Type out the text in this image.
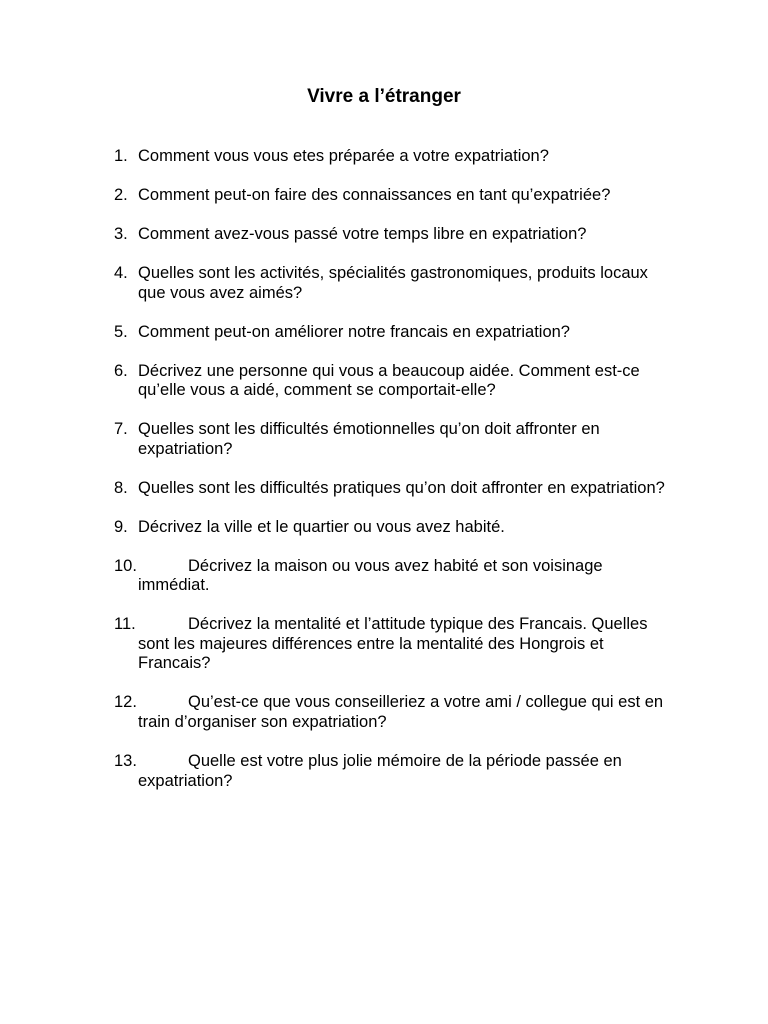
Vivre a l’étranger
1. Comment vous vous etes préparée a votre expatriation?
2. Comment peut-on faire des connaissances en tant qu’expatriée?
3. Comment avez-vous passé votre temps libre en expatriation?
4. Quelles sont les activités, spécialités gastronomiques, produits locaux que vous avez aimés?
5. Comment peut-on améliorer notre francais en expatriation?
6. Décrivez une personne qui vous a beaucoup aidée. Comment est-ce qu’elle vous a aidé, comment se comportait-elle?
7. Quelles sont les difficultés émotionnelles qu’on doit affronter en expatriation?
8. Quelles sont les difficultés pratiques qu’on doit affronter en expatriation?
9. Décrivez la ville et le quartier ou vous avez habité.
10.	Décrivez la maison ou vous avez habité et son voisinage immédiat.
11.	Décrivez la mentalité et l’attitude typique des Francais. Quelles sont les majeures différences entre la mentalité des Hongrois et Francais?
12.	Qu’est-ce que vous conseilleriez a votre ami / collegue qui est en train d’organiser son expatriation?
13.	Quelle est votre plus jolie mémoire de la période passée en expatriation?
